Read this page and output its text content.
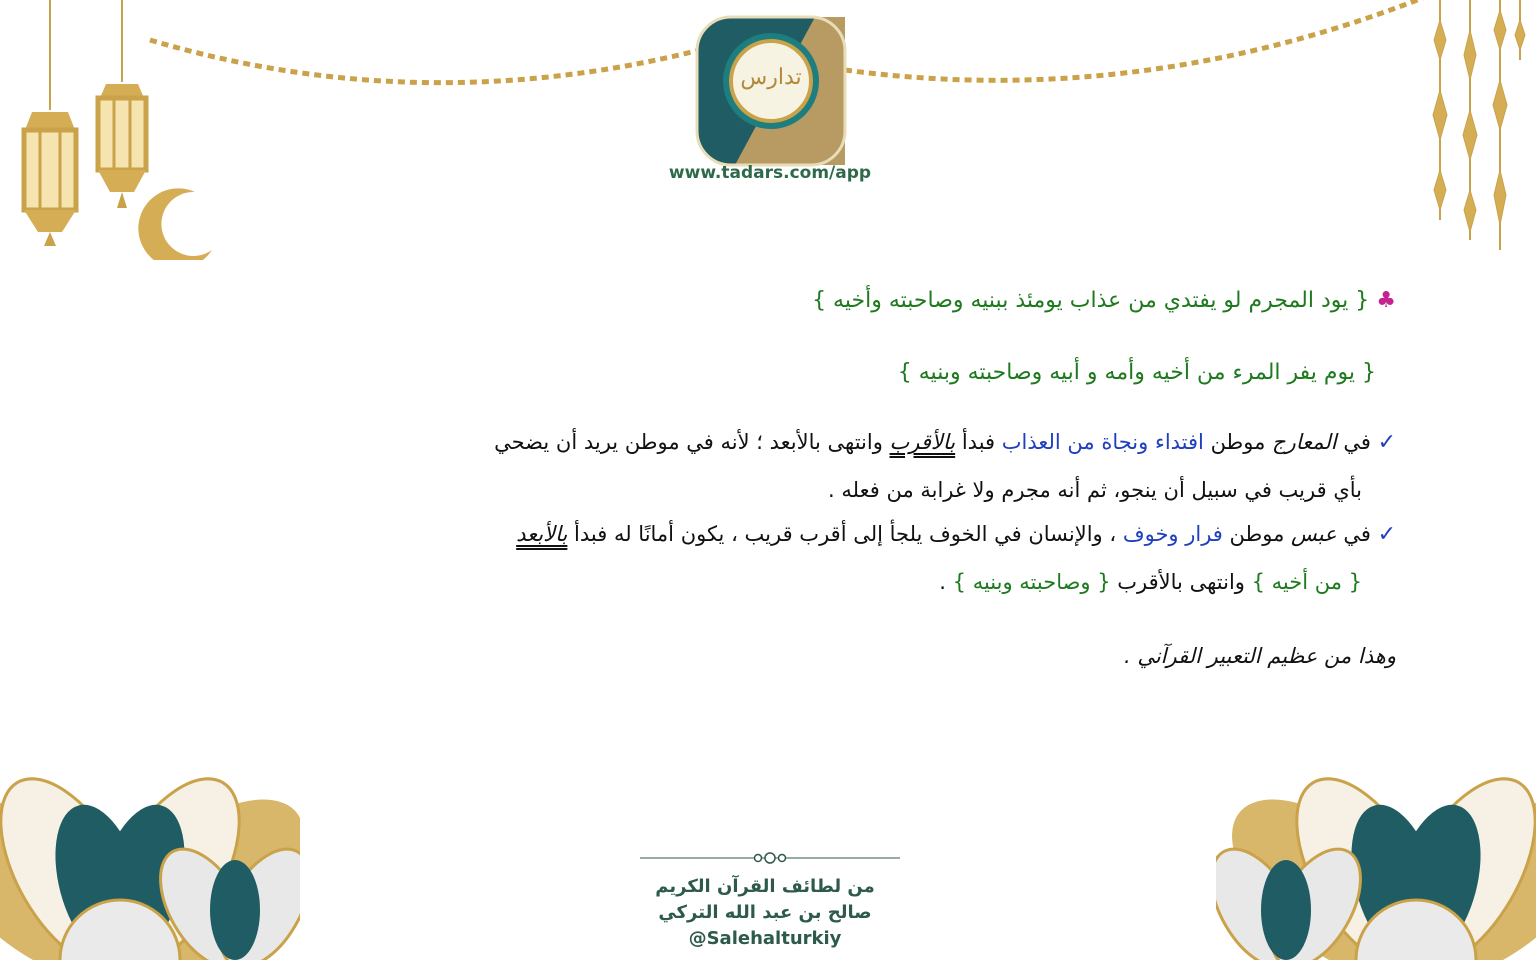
تدارس
www.tadars.com/app
♣ { يود المجرم لو يفتدي من عذاب يومئذ ببنيه وصاحبته وأخيه }
{ يوم يفر المرء من أخيه وأمه و أبيه وصاحبته وبنيه }
✓ في المعارج موطن افتداء ونجاة من العذاب فبدأ بالأقرب وانتهى بالأبعد ؛ لأنه في موطن يريد أن يضحي
بأي قريب في سبيل أن ينجو، ثم أنه مجرم ولا غرابة من فعله .
✓ في عبس موطن فرار وخوف ، والإنسان في الخوف يلجأ إلى أقرب قريب ، يكون أمانًا له فبدأ بالأبعد
{ من أخيه } وانتهى بالأقرب { وصاحبته وبنيه } .
وهذا من عظيم التعبير القرآني .
من لطائف القرآن الكريم
صالح بن عبد الله التركي
@Salehalturkiy
